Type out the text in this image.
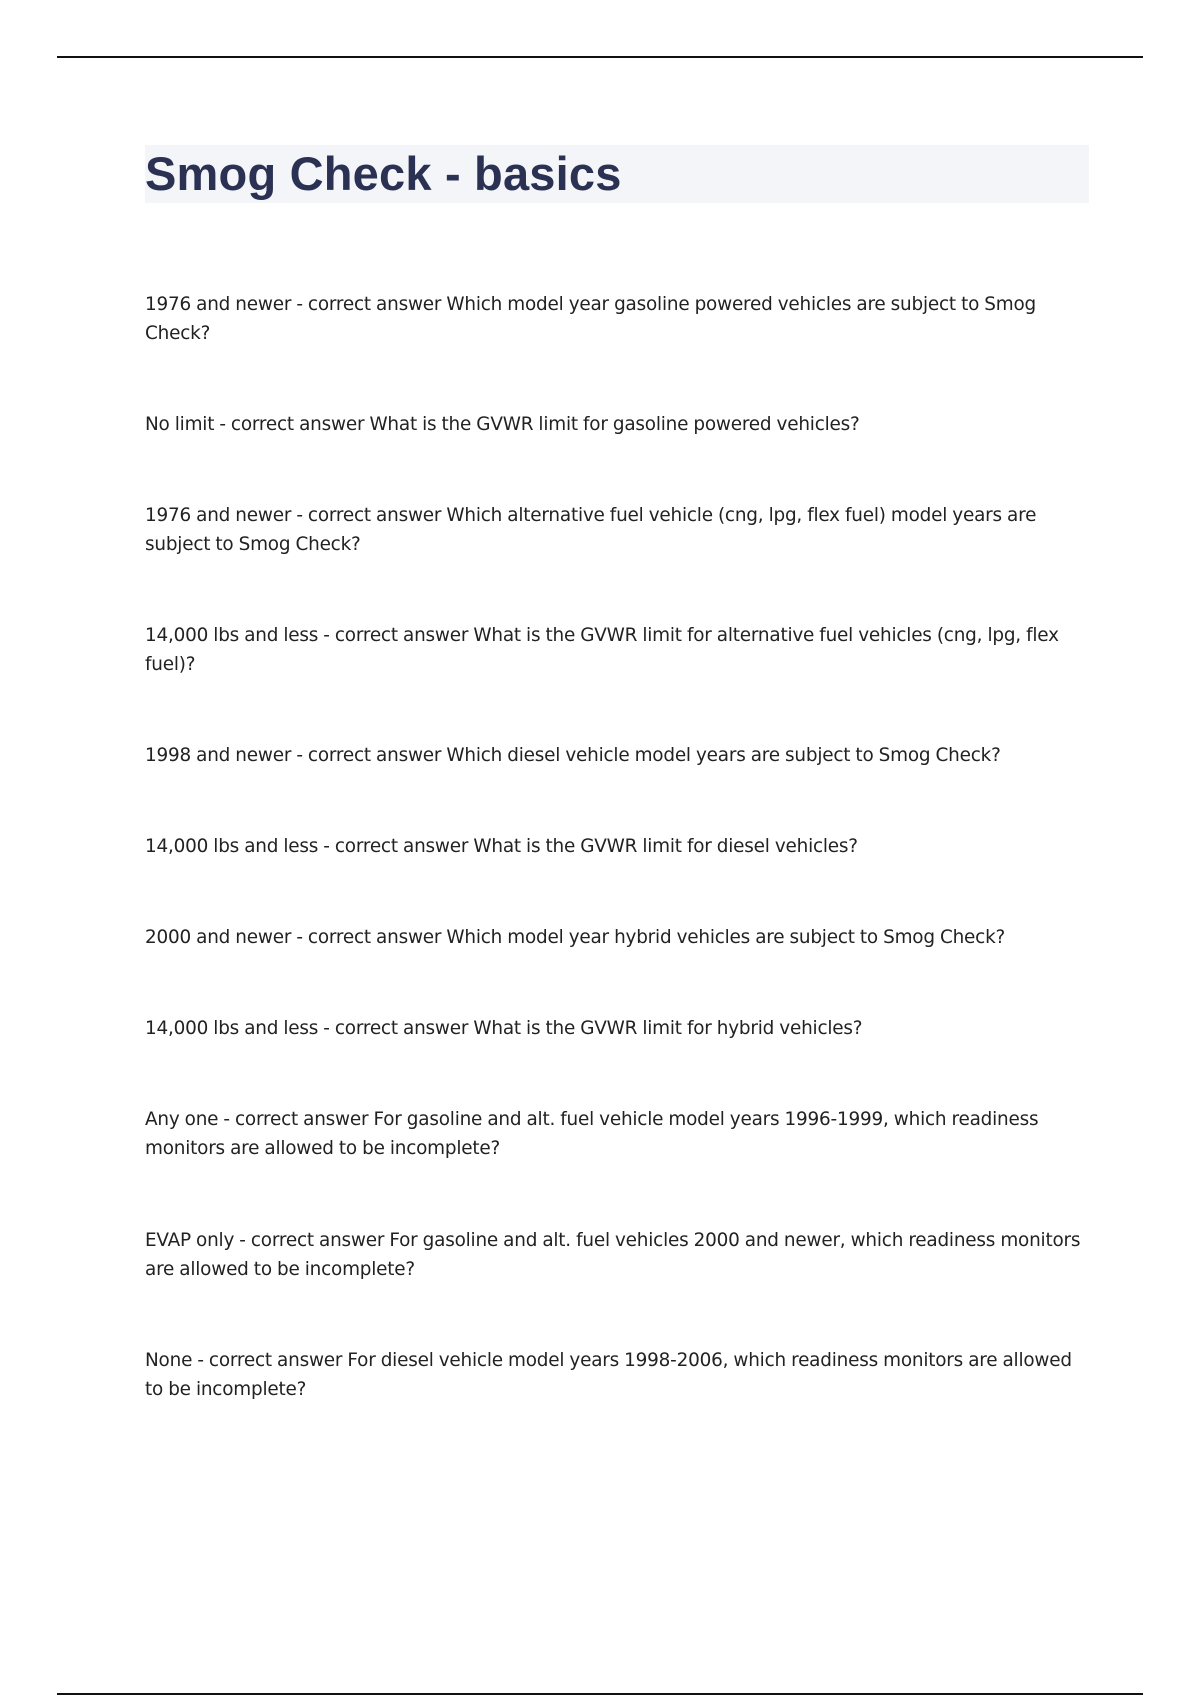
Smog Check - basics

1976 and newer - correct answer Which model year gasoline powered vehicles are subject to Smog Check?

No limit - correct answer What is the GVWR limit for gasoline powered vehicles?

1976 and newer - correct answer Which alternative fuel vehicle (cng, lpg, flex fuel) model years are subject to Smog Check?

14,000 lbs and less - correct answer What is the GVWR limit for alternative fuel vehicles (cng, lpg, flex fuel)?

1998 and newer - correct answer Which diesel vehicle model years are subject to Smog Check?

14,000 lbs and less - correct answer What is the GVWR limit for diesel vehicles?

2000 and newer - correct answer Which model year hybrid vehicles are subject to Smog Check?

14,000 lbs and less - correct answer What is the GVWR limit for hybrid vehicles?

Any one - correct answer For gasoline and alt. fuel vehicle model years 1996-1999, which readiness monitors are allowed to be incomplete?

EVAP only - correct answer For gasoline and alt. fuel vehicles 2000 and newer, which readiness monitors are allowed to be incomplete?

None - correct answer For diesel vehicle model years 1998-2006, which readiness monitors are allowed to be incomplete?
